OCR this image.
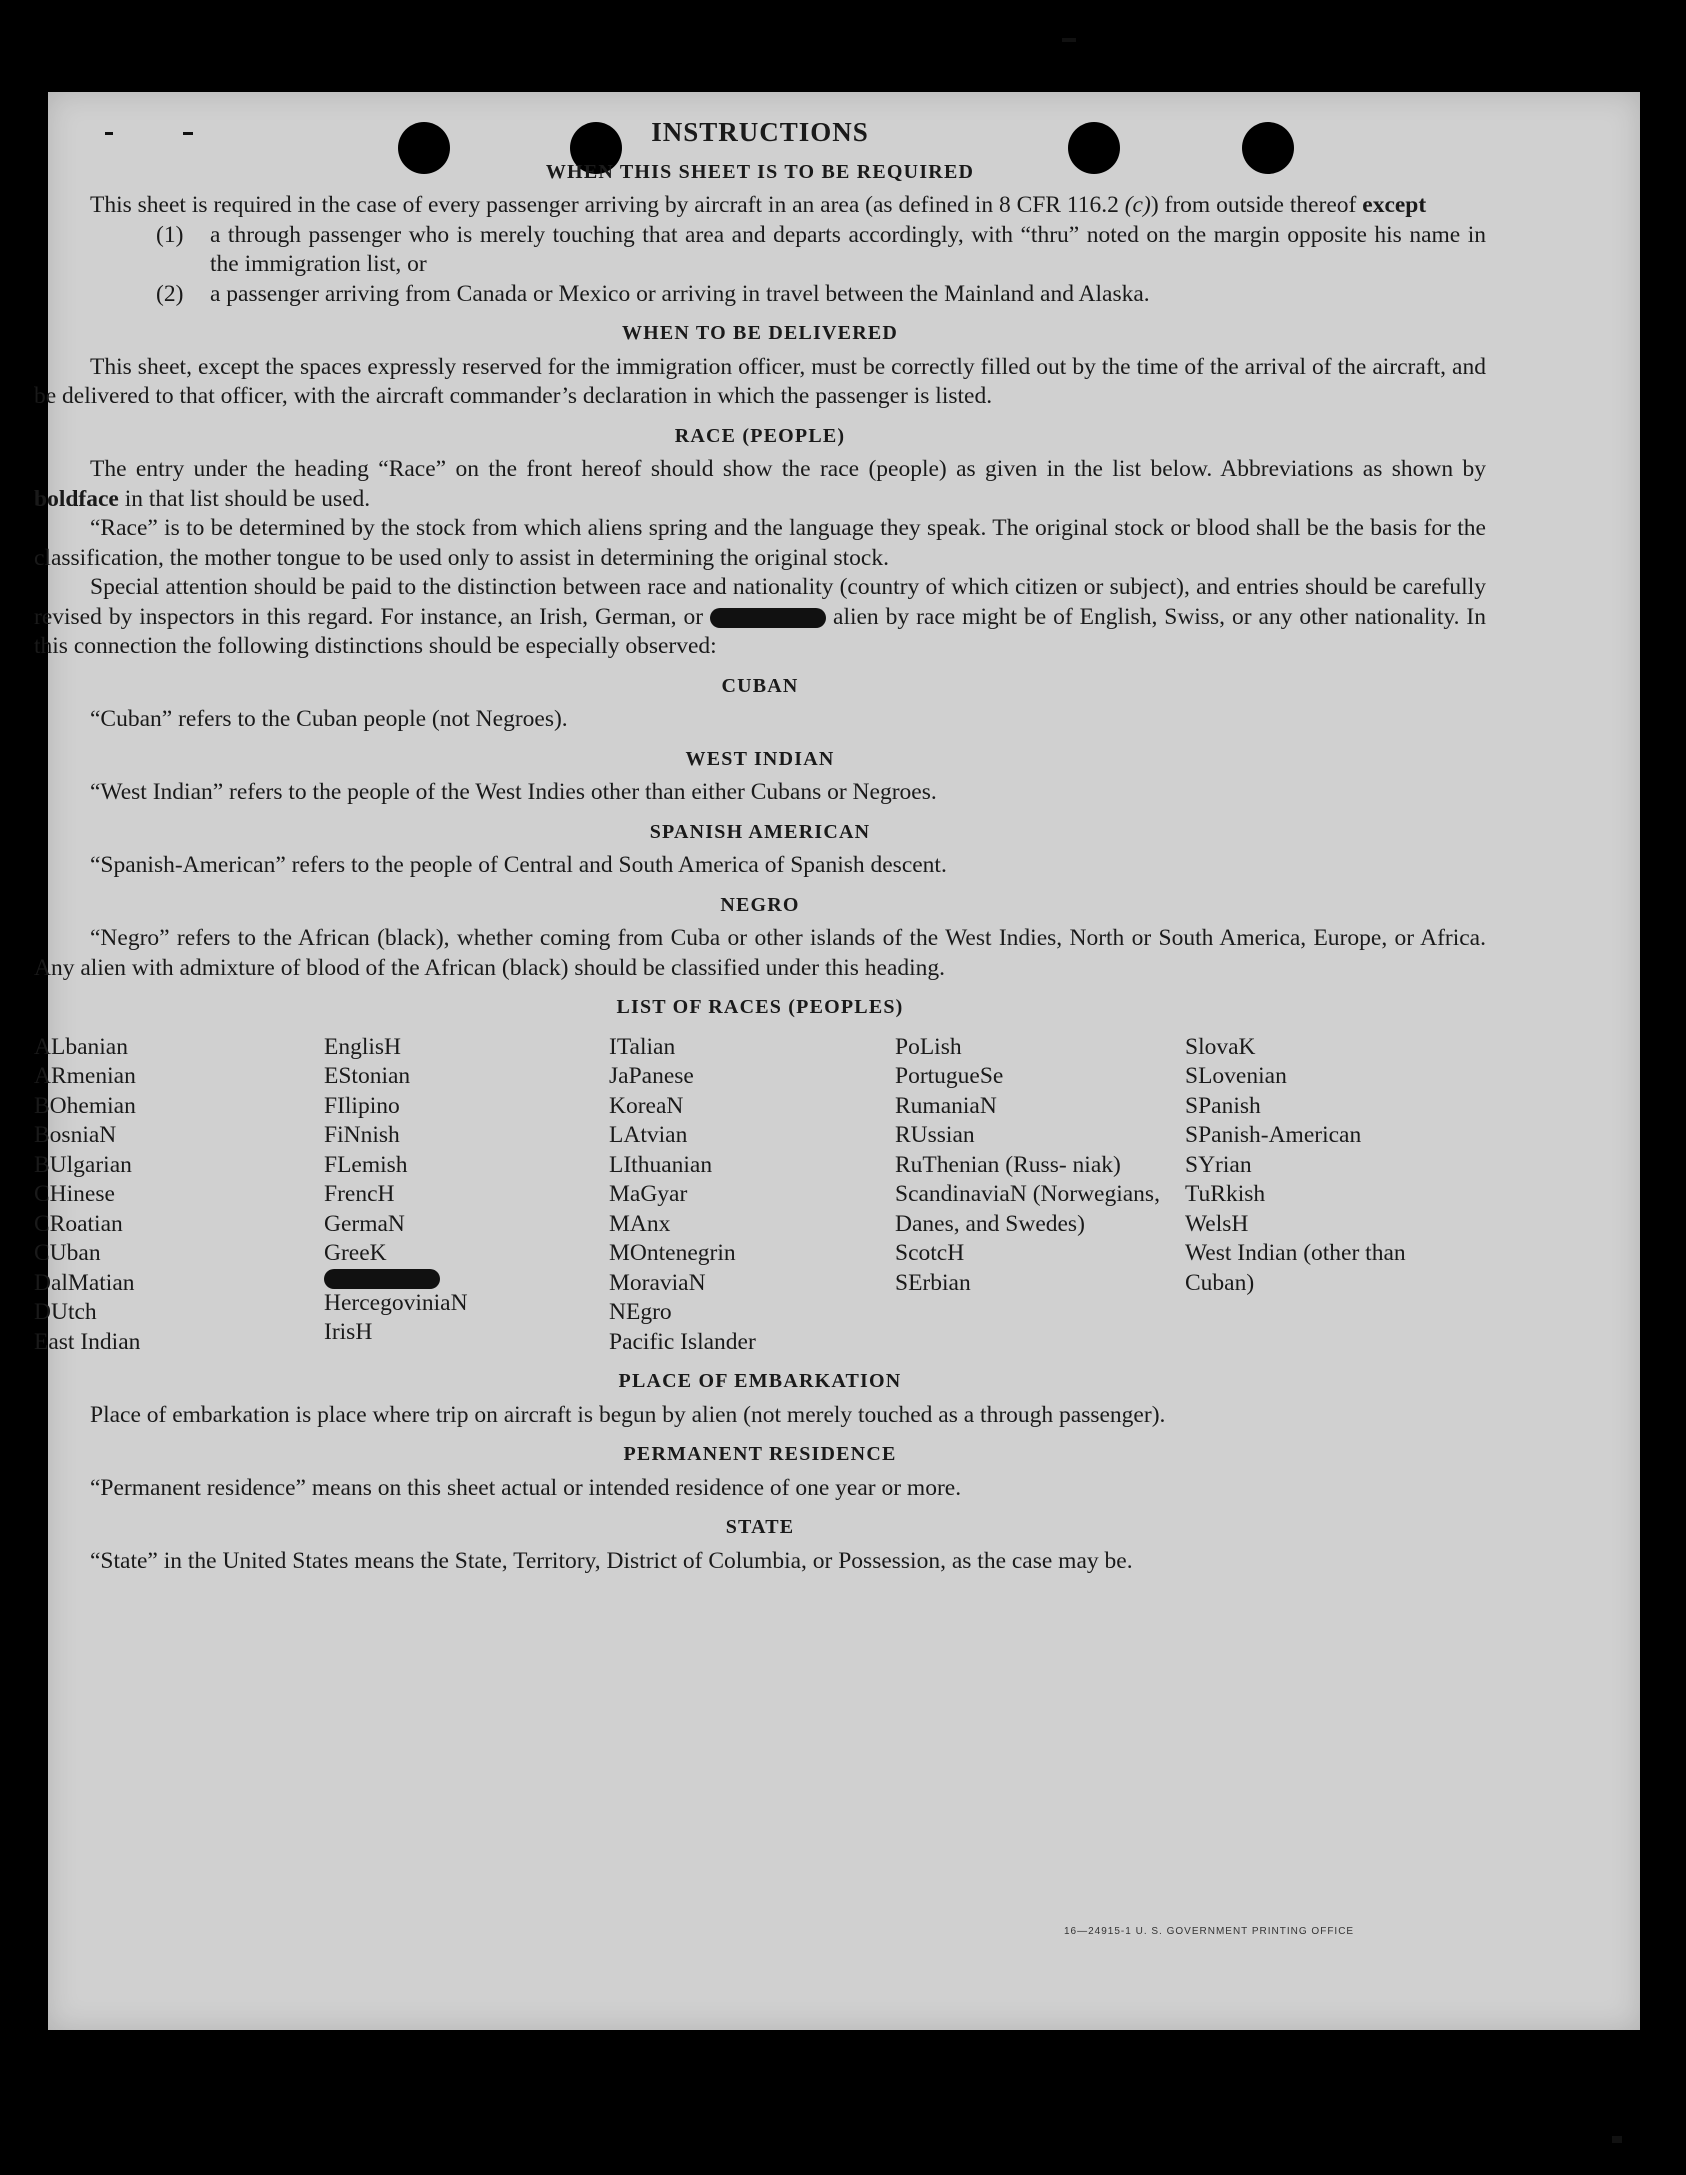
INSTRUCTIONS
WHEN THIS SHEET IS TO BE REQUIRED

This sheet is required in the case of every passenger arriving by aircraft in an area (as defined in 8 CFR 116.2 (c)) from outside thereof except

(1)	a through passenger who is merely touching that area and departs accordingly, with “thru” noted on the margin opposite his name in the immigration list, or
(2)	a passenger arriving from Canada or Mexico or arriving in travel between the Mainland and Alaska.
WHEN TO BE DELIVERED

This sheet, except the spaces expressly reserved for the immigration officer, must be correctly filled out by the time of the arrival of the aircraft, and be delivered to that officer, with the aircraft commander’s declaration in which the passenger is listed.

RACE (PEOPLE)

The entry under the heading “Race” on the front hereof should show the race (people) as given in the list below. Abbreviations as shown by boldface in that list should be used.

“Race” is to be determined by the stock from which aliens spring and the language they speak. The original stock or blood shall be the basis for the classification, the mother tongue to be used only to assist in determining the original stock.

Special attention should be paid to the distinction between race and nationality (country of which citizen or subject), and entries should be carefully revised by inspectors in this regard. For instance, an Irish, German, or	alien by race might be of English, Swiss, or any other nationality. In this connection the following distinctions should be especially observed:

CUBAN

“Cuban” refers to the Cuban people (not Negroes).

WEST INDIAN

“West Indian” refers to the people of the West Indies other than either Cubans or Negroes.

SPANISH AMERICAN

“Spanish-American” refers to the people of Central and South America of Spanish descent.

NEGRO

“Negro” refers to the African (black), whether coming from Cuba or other islands of the West Indies, North or South America, Europe, or Africa. Any alien with admixture of blood of the African (black) should be classified under this heading.

LIST OF RACES (PEOPLES)
ALbanian
ARmenian
BOhemian
BosniaN
BUlgarian
CHinese
CRoatian
CUban
DalMatian
DUtch
East Indian
EnglisH
EStonian
FIlipino
FiNnish
FLemish
FrencH
GermaN
GreeK
HercegoviniaN
IrisH
ITalian
JaPanese
KoreaN
LAtvian
LIthuanian
MaGyar
MAnx
MOntenegrin
MoraviaN
NEgro
Pacific Islander
PoLish
PortugueSe
RumaniaN
RUssian
RuThenian (Russ- niak)
ScandinaviaN (Norwegians, Danes, and Swedes)
ScotcH
SErbian
SlovaK
SLovenian
SPanish
SPanish-American
SYrian
TuRkish
WelsH
West Indian (other than Cuban)
PLACE OF EMBARKATION

Place of embarkation is place where trip on aircraft is begun by alien (not merely touched as a through passenger).

PERMANENT RESIDENCE

“Permanent residence” means on this sheet actual or intended residence of one year or more.

STATE

“State” in the United States means the State, Territory, District of Columbia, or Possession, as the case may be.

16—24915-1 U. S. GOVERNMENT PRINTING OFFICE
